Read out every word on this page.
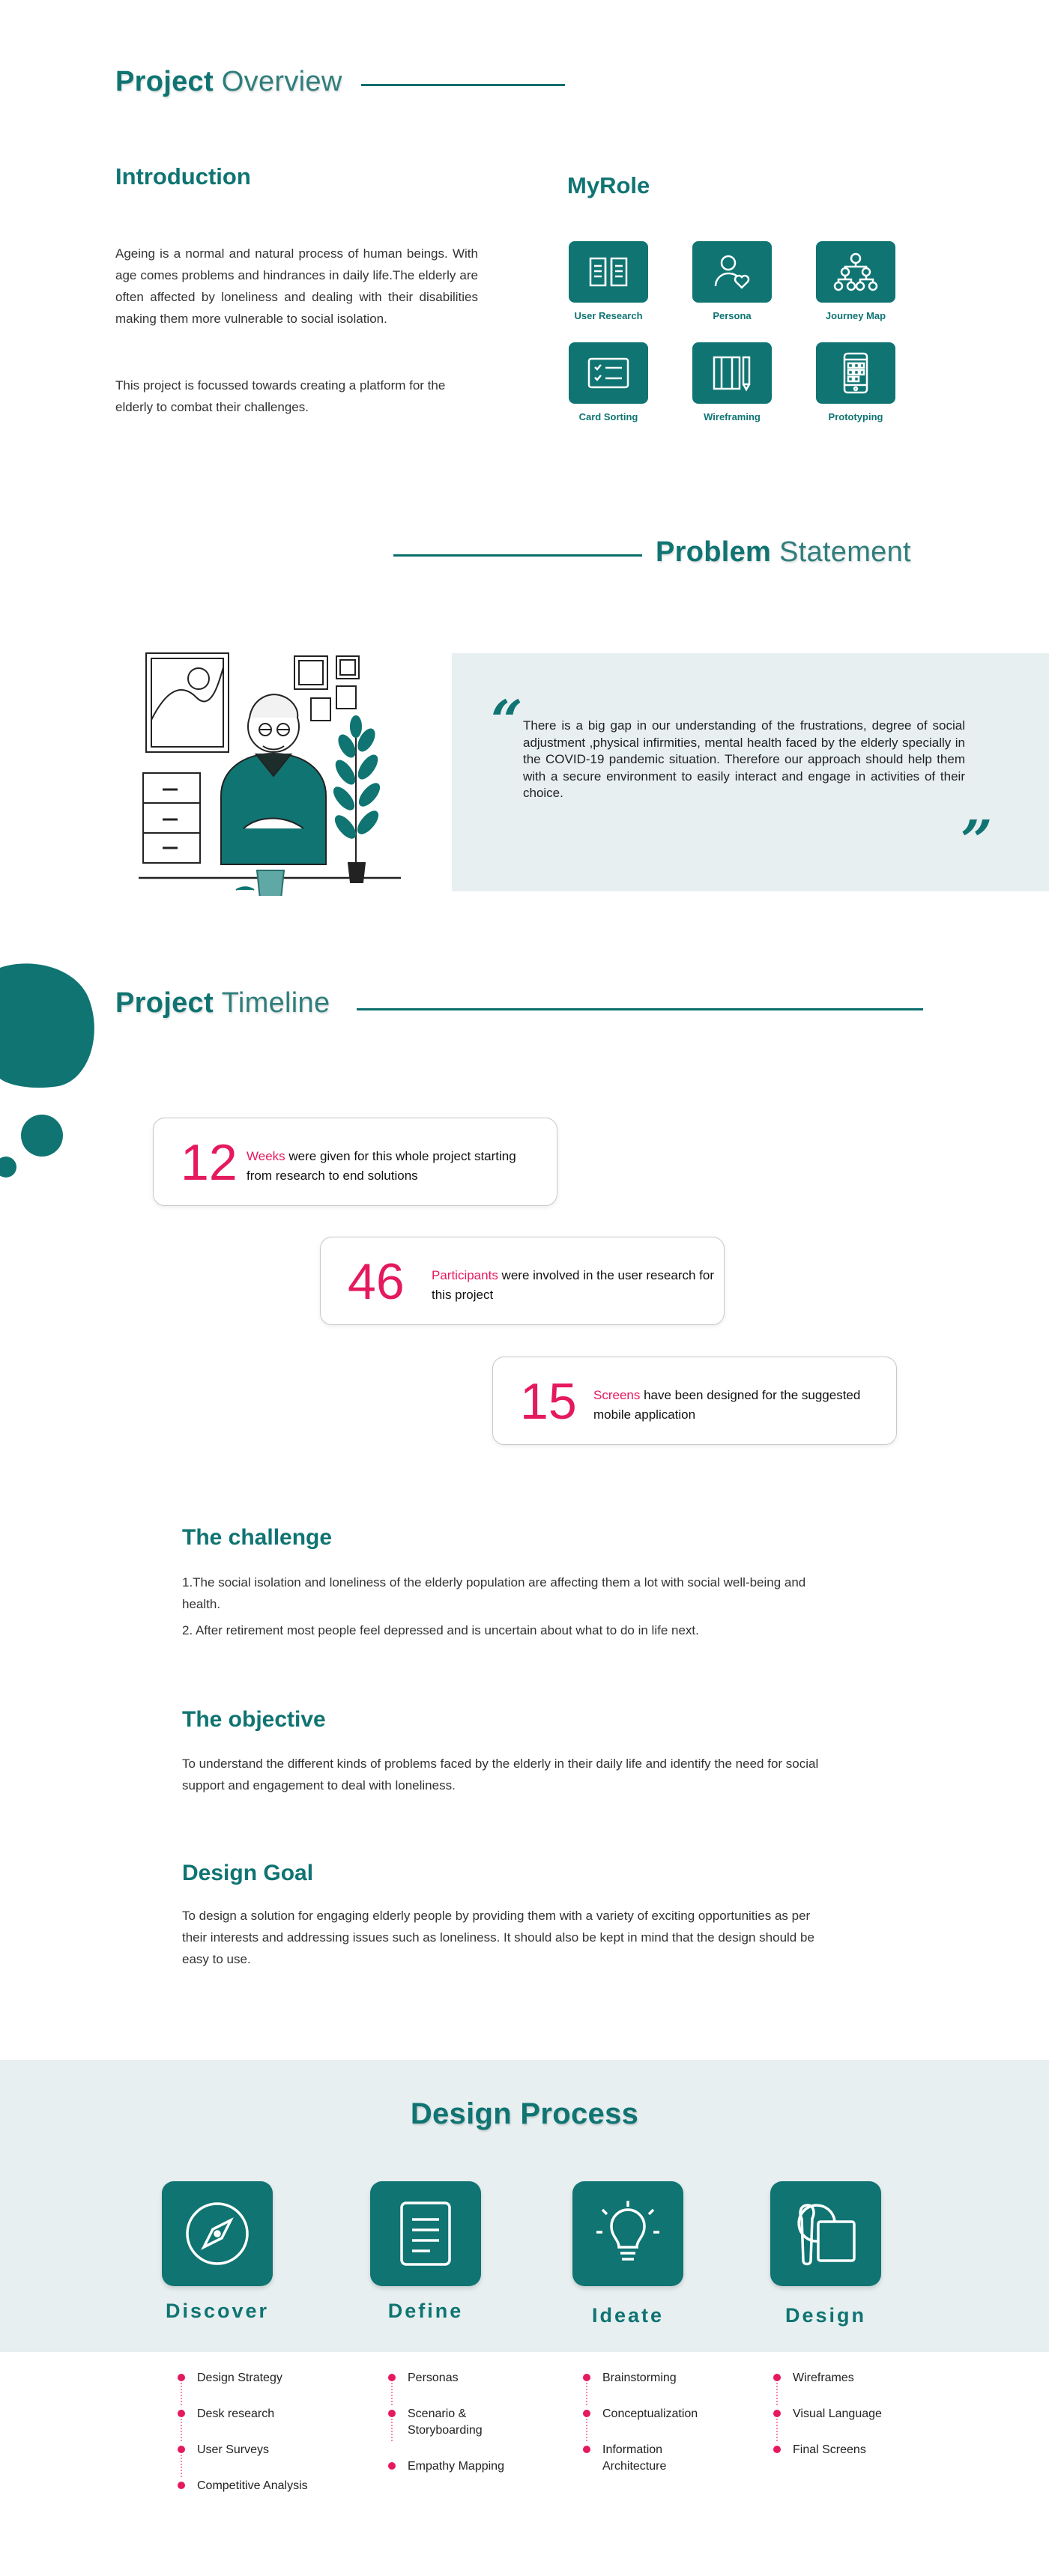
Project Overview
Introduction

Ageing is a normal and natural process of human beings. With age comes problems and hindrances in daily life.The elderly are often affected by loneliness and dealing with their disabilities making them more vulnerable to social isolation.

This project is focussed towards creating a platform for the elderly to combat their challenges.

MyRole
User Research	Persona	Journey Map
Card Sorting	Wireframing	Prototyping
Problem Statement
“ There is a big gap in our understanding of the frustrations, degree of social adjustment ,physical infirmities, mental health faced by the elderly specially in the COVID-19 pandemic situation. Therefore our approach should help them with a secure environment to easily interact and engage in activities of their choice.

”
Project Timeline
12 Weeks were given for this whole project starting from research to end solutions
46 Participants were involved in the user research for this project
15 Screens have been designed for the suggested mobile application
The challenge

1.The social isolation and loneliness of the elderly population are affecting them a lot with social well-being and health.

2. After retirement most people feel depressed and is uncertain about what to do in life next.

The objective

To understand the different kinds of problems faced by the elderly in their daily life and identify the need for social support and engagement to deal with loneliness.

Design Goal

To design a solution for engaging elderly people by providing them with a variety of exciting opportunities as per their interests and addressing issues such as loneliness. It should also be kept in mind that the design should be easy to use.

Design Process
Discover	Define	Ideate	Design
Design Strategy
Desk research
User Surveys
Competitive Analysis
Personas
Scenario & Storyboarding
Empathy Mapping
Brainstorming
Conceptualization
Information Architecture
Wireframes
Visual Language
Final Screens
